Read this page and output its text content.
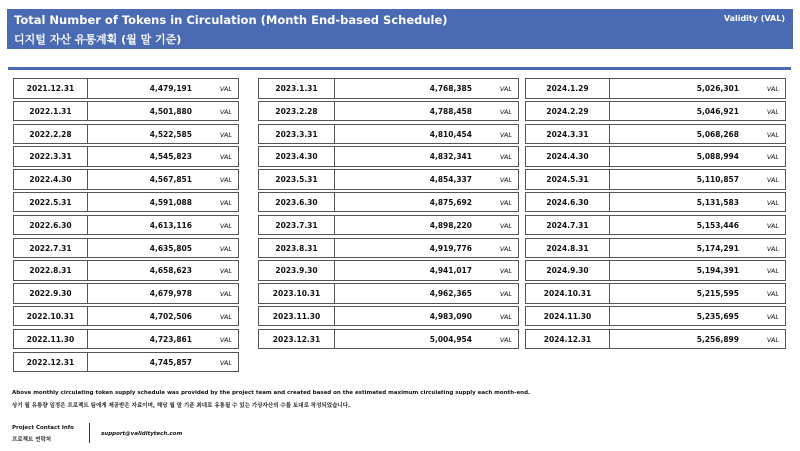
Total Number of Tokens in Circulation (Month End-based Schedule)
디지털 자산 유통계획 (월 말 기준)
Validity (VAL)
2021.12.31	4,479,191	VAL
2022.1.31	4,501,880	VAL
2022.2.28	4,522,585	VAL
2022.3.31	4,545,823	VAL
2022.4.30	4,567,851	VAL
2022.5.31	4,591,088	VAL
2022.6.30	4,613,116	VAL
2022.7.31	4,635,805	VAL
2022.8.31	4,658,623	VAL
2022.9.30	4,679,978	VAL
2022.10.31	4,702,506	VAL
2022.11.30	4,723,861	VAL
2022.12.31	4,745,857	VAL
2023.1.31	4,768,385	VAL
2023.2.28	4,788,458	VAL
2023.3.31	4,810,454	VAL
2023.4.30	4,832,341	VAL
2023.5.31	4,854,337	VAL
2023.6.30	4,875,692	VAL
2023.7.31	4,898,220	VAL
2023.8.31	4,919,776	VAL
2023.9.30	4,941,017	VAL
2023.10.31	4,962,365	VAL
2023.11.30	4,983,090	VAL
2023.12.31	5,004,954	VAL
2024.1.29	5,026,301	VAL
2024.2.29	5,046,921	VAL
2024.3.31	5,068,268	VAL
2024.4.30	5,088,994	VAL
2024.5.31	5,110,857	VAL
2024.6.30	5,131,583	VAL
2024.7.31	5,153,446	VAL
2024.8.31	5,174,291	VAL
2024.9.30	5,194,391	VAL
2024.10.31	5,215,595	VAL
2024.11.30	5,235,695	VAL
2024.12.31	5,256,899	VAL
Above monthly circulating token supply schedule was provided by the project team and created based on the estimated maximum circulating supply each month-end.
상기 월 유통량 일정은 프로젝트 팀에게 제공받은 자료이며, 해당 월 말 기준 최대로 유통될 수 있는 가상자산의 수를 토대로 작성되었습니다.
Project Contact Info
프로젝트 연락처
support@validitytech.com
